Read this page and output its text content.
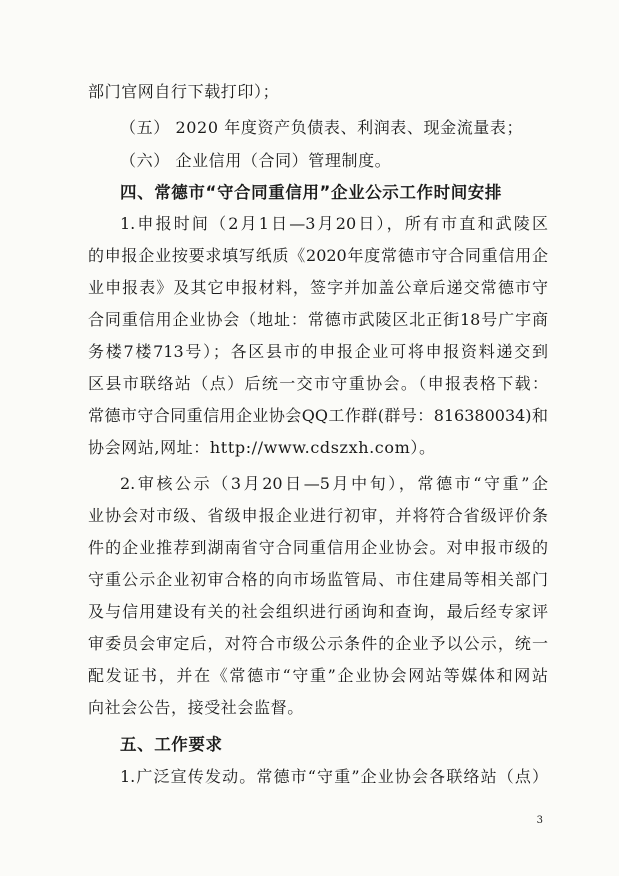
部门官网自行下载打印）；
（五） 2020 年度资产负债表、利润表、现金流量表；
（六） 企业信用（合同）管理制度。
四、常德市“守合同重信用”企业公示工作时间安排
1.申报时间（2月1日—3月20日），所有市直和武陵区
的申报企业按要求填写纸质《2020年度常德市守合同重信用企
业申报表》及其它申报材料，签字并加盖公章后递交常德市守
合同重信用企业协会（地址：常德市武陵区北正街18号广宇商
务楼7楼713号）；各区县市的申报企业可将申报资料递交到
区县市联络站（点）后统一交市守重协会。（申报表格下载：
常德市守合同重信用企业协会QQ工作群(群号：816380034)和
协会网站,网址：http://www.cdszxh.com）。
2.审核公示（3月20日—5月中旬），常德市“守重”企
业协会对市级、省级申报企业进行初审，并将符合省级评价条
件的企业推荐到湖南省守合同重信用企业协会。对申报市级的
守重公示企业初审合格的向市场监管局、市住建局等相关部门
及与信用建设有关的社会组织进行函询和查询，最后经专家评
审委员会审定后，对符合市级公示条件的企业予以公示，统一
配发证书，并在《常德市“守重”企业协会网站等媒体和网站
向社会公告，接受社会监督。
五、工作要求
1.广泛宣传发动。常德市“守重”企业协会各联络站（点）
3
